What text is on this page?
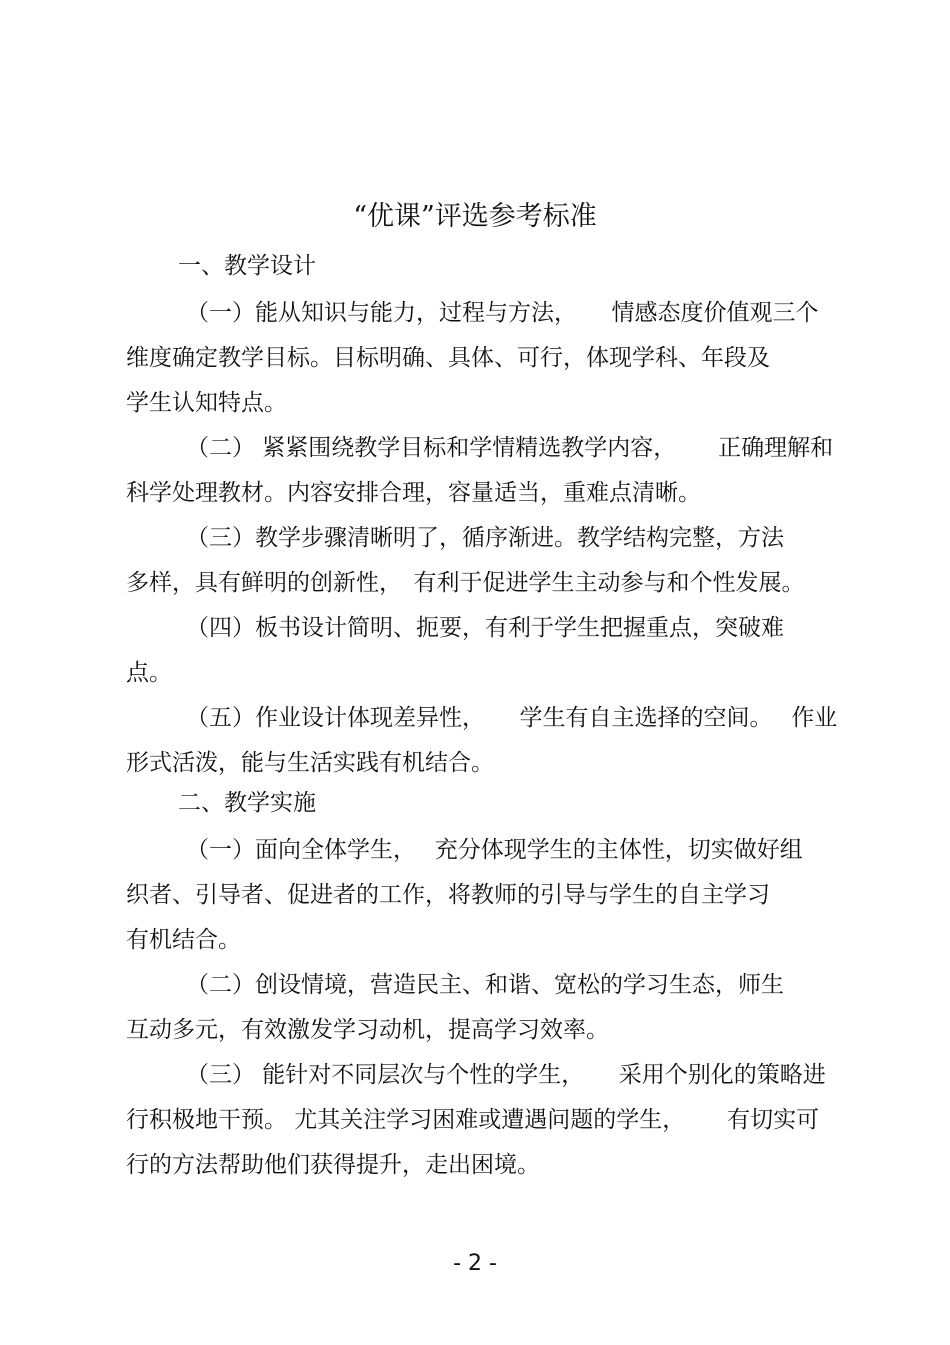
“优课”评选参考标准
一、教学设计
（一）能从知识与能力，过程与方法，　　情感态度价值观三个
维度确定教学目标。目标明确、具体、可行，体现学科、年段及
学生认知特点。
（二） 紧紧围绕教学目标和学情精选教学内容，　　 正确理解和
科学处理教材。内容安排合理，容量适当，重难点清晰。
（三）教学步骤清晰明了，循序渐进。教学结构完整，方法
多样，具有鲜明的创新性，　有利于促进学生主动参与和个性发展。
（四）板书设计简明、扼要，有利于学生把握重点，突破难
点。
（五）作业设计体现差异性，　　学生有自主选择的空间。　 作业
形式活泼，能与生活实践有机结合。
二、教学实施
（一）面向全体学生，　 充分体现学生的主体性，切实做好组
织者、引导者、促进者的工作，将教师的引导与学生的自主学习
有机结合。
（二）创设情境，营造民主、和谐、宽松的学习生态，师生
互动多元，有效激发学习动机，提高学习效率。
（三） 能针对不同层次与个性的学生，　　采用个别化的策略进
行积极地干预。 尤其关注学习困难或遭遇问题的学生，　　 有切实可
行的方法帮助他们获得提升，走出困境。
- 2 -
